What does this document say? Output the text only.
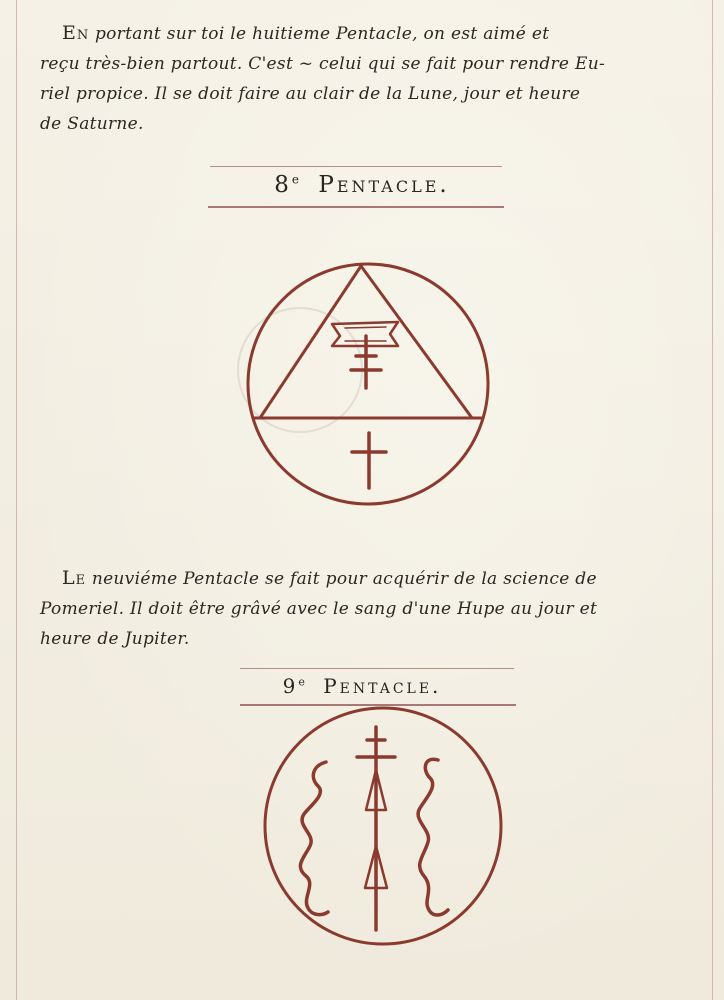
En portant sur toi le huitieme Pentacle, on est aimé et
reçu très-bien partout. C'est ~ celui qui se fait pour rendre Eu-
riel propice. Il se doit faire au clair de la Lune, jour et heure
de Saturne.
8e Pentacle.
Le neuviéme Pentacle se fait pour acquérir de la science de
Pomeriel. Il doit être grâvé avec le sang d'une Hupe au jour et
heure de Jupiter.
9e Pentacle.
